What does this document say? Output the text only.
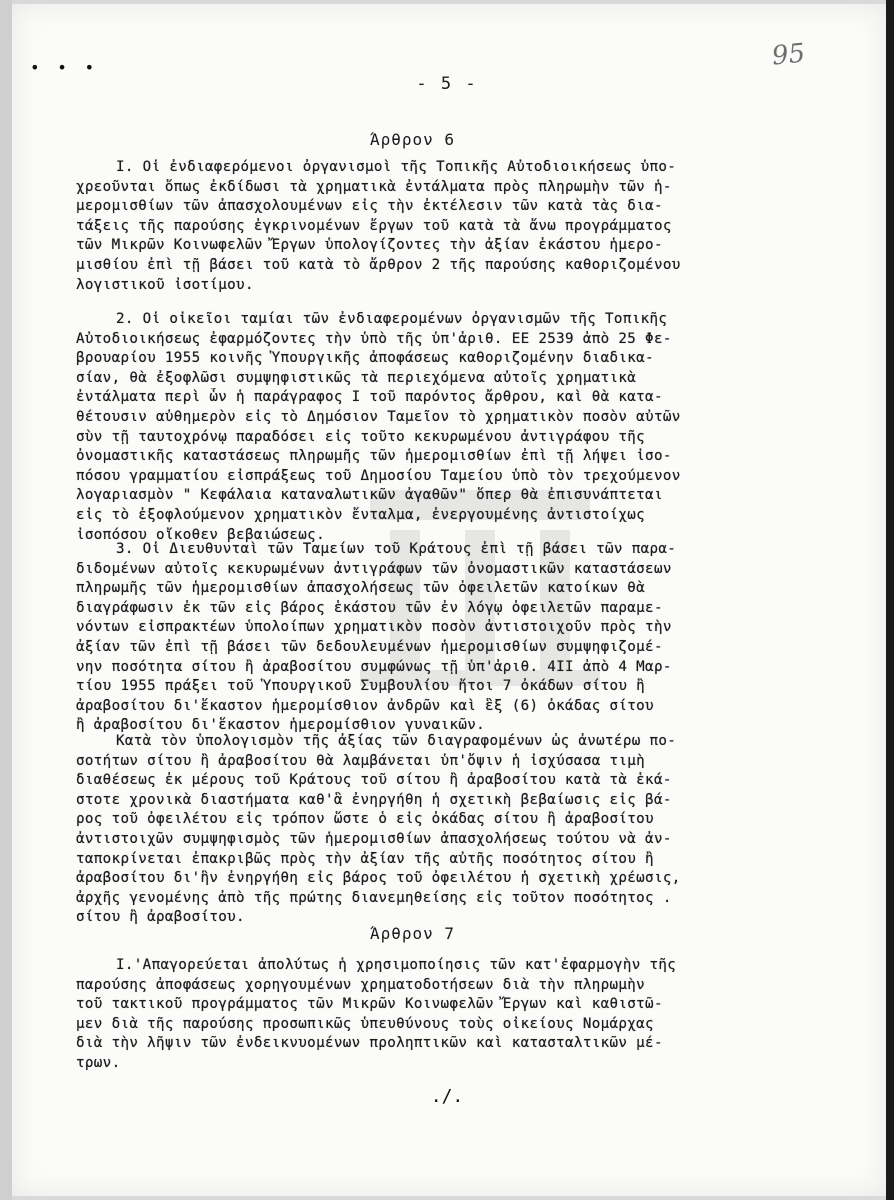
• • •	95
- 5 -
Άρθρον 6

I. Οἱ ἐνδιαφερόμενοι ὀργανισμοὶ τῆς Τοπικῆς Αὐτοδιοικήσεως ὑπο-
χρεοῦνται ὅπως ἐκδίδωσι τὰ χρηματικὰ ἐντάλματα πρὸς πληρωμὴν τῶν ἡ-
μερομισθίων τῶν ἀπασχολουμένων εἰς τὴν ἐκτέλεσιν τῶν κατὰ τὰς δια-
τάξεις τῆς παρούσης ἐγκρινομένων ἔργων τοῦ κατὰ τὰ ἄνω προγράμματος
τῶν Μικρῶν Κοινωφελῶν Ἔργων ὑπολογίζοντες τὴν ἀξίαν ἑκάστου ἡμερο-
μισθίου ἐπὶ τῇ βάσει τοῦ κατὰ τὸ ἄρθρον 2 τῆς παρούσης καθοριζομένου
λογιστικοῦ ἰσοτίμου.

2. Οἱ οἰκεῖοι ταμίαι τῶν ἐνδιαφερομένων ὀργανισμῶν τῆς Τοπικῆς
Αὐτοδιοικήσεως ἐφαρμόζοντες τὴν ὑπὸ τῆς ὑπ'ἀριθ. ΕΕ 2539 ἀπὸ 25 Φε-
βρουαρίου 1955 κοινῆς Ὑπουργικῆς ἀποφάσεως καθοριζομένην διαδικα-
σίαν, θὰ ἐξοφλῶσι συμψηφιστικῶς τὰ περιεχόμενα αὐτοῖς χρηματικὰ
ἐντάλματα περὶ ὧν ἡ παράγραφος I τοῦ παρόντος ἄρθρου, καὶ θὰ κατα-
θέτουσιν αὐθημερὸν εἰς τὸ Δημόσιον Ταμεῖον τὸ χρηματικὸν ποσὸν αὐτῶν
σὺν τῇ ταυτοχρόνῳ παραδόσει εἰς τοῦτο κεκυρωμένου ἀντιγράφου τῆς
ὀνομαστικῆς καταστάσεως πληρωμῆς τῶν ἡμερομισθίων ἐπὶ τῇ λήψει ἰσο-
πόσου γραμματίου εἰσπράξεως τοῦ Δημοσίου Ταμείου ὑπὸ τὸν τρεχούμενον
λογαριασμὸν " Κεφάλαια καταναλωτικῶν ἀγαθῶν" ὅπερ θὰ ἐπισυνάπτεται
εἰς τὸ ἐξοφλούμενον χρηματικὸν ἔνταλμα, ἐνεργουμένης ἀντιστοίχως
ἰσοπόσου οἴκοθεν βεβαιώσεως.

3. Οἱ Διευθυνταὶ τῶν Ταμείων τοῦ Κράτους ἐπὶ τῇ βάσει τῶν παρα-
διδομένων αὐτοῖς κεκυρωμένων ἀντιγράφων τῶν ὀνομαστικῶν καταστάσεων
πληρωμῆς τῶν ἡμερομισθίων ἀπασχολήσεως τῶν ὀφειλετῶν κατοίκων θὰ
διαγράφωσιν ἐκ τῶν εἰς βάρος ἑκάστου τῶν ἐν λόγῳ ὀφειλετῶν παραμε-
νόντων εἰσπρακτέων ὑπολοίπων χρηματικὸν ποσὸν ἀντιστοιχοῦν πρὸς τὴν
ἀξίαν τῶν ἐπὶ τῇ βάσει τῶν δεδουλευμένων ἡμερομισθίων συμψηφιζομέ-
νην ποσότητα σίτου ἢ ἀραβοσίτου συμφώνως τῇ ὑπ'ἀριθ. 4II ἀπὸ 4 Μαρ-
τίου 1955 πράξει τοῦ Ὑπουργικοῦ Συμβουλίου ἤτοι 7 ὀκάδων σίτου ἢ
ἀραβοσίτου δι'ἕκαστον ἡμερομίσθιον ἀνδρῶν καὶ ἓξ (6) ὀκάδας σίτου
ἢ ἀραβοσίτου δι'ἕκαστον ἡμερομίσθιον γυναικῶν.

Κατὰ τὸν ὑπολογισμὸν τῆς ἀξίας τῶν διαγραφομένων ὡς ἀνωτέρω πο-
σοτήτων σίτου ἢ ἀραβοσίτου θὰ λαμβάνεται ὑπ'ὄψιν ἡ ἰσχύσασα τιμὴ
διαθέσεως ἐκ μέρους τοῦ Κράτους τοῦ σίτου ἢ ἀραβοσίτου κατὰ τὰ ἑκά-
στοτε χρονικὰ διαστήματα καθ'ἃ ἐνηργήθη ἡ σχετικὴ βεβαίωσις εἰς βά-
ρος τοῦ ὀφειλέτου εἰς τρόπον ὥστε ὁ εἰς ὀκάδας σίτου ἢ ἀραβοσίτου
ἀντιστοιχῶν συμψηφισμὸς τῶν ἡμερομισθίων ἀπασχολήσεως τούτου νὰ ἀν-
ταποκρίνεται ἐπακριβῶς πρὸς τὴν ἀξίαν τῆς αὐτῆς ποσότητος σίτου ἢ
ἀραβοσίτου δι'ἣν ἐνηργήθη εἰς βάρος τοῦ ὀφειλέτου ἡ σχετικὴ χρέωσις,
ἀρχῆς γενομένης ἀπὸ τῆς πρώτης διανεμηθείσης εἰς τοῦτον ποσότητος .
σίτου ἢ ἀραβοσίτου.

Άρθρον 7

I.'Απαγορεύεται ἀπολύτως ἡ χρησιμοποίησις τῶν κατ'ἐφαρμογὴν τῆς
παρούσης ἀποφάσεως χορηγουμένων χρηματοδοτήσεων διὰ τὴν πληρωμὴν
τοῦ τακτικοῦ προγράμματος τῶν Μικρῶν Κοινωφελῶν Ἔργων καὶ καθιστῶ-
μεν διὰ τῆς παρούσης προσωπικῶς ὑπευθύνους τοὺς οἰκείους Νομάρχας
διὰ τὴν λῆψιν τῶν ἐνδεικνυομένων προληπτικῶν καὶ κατασταλτικῶν μέ-
τρων.

./.
